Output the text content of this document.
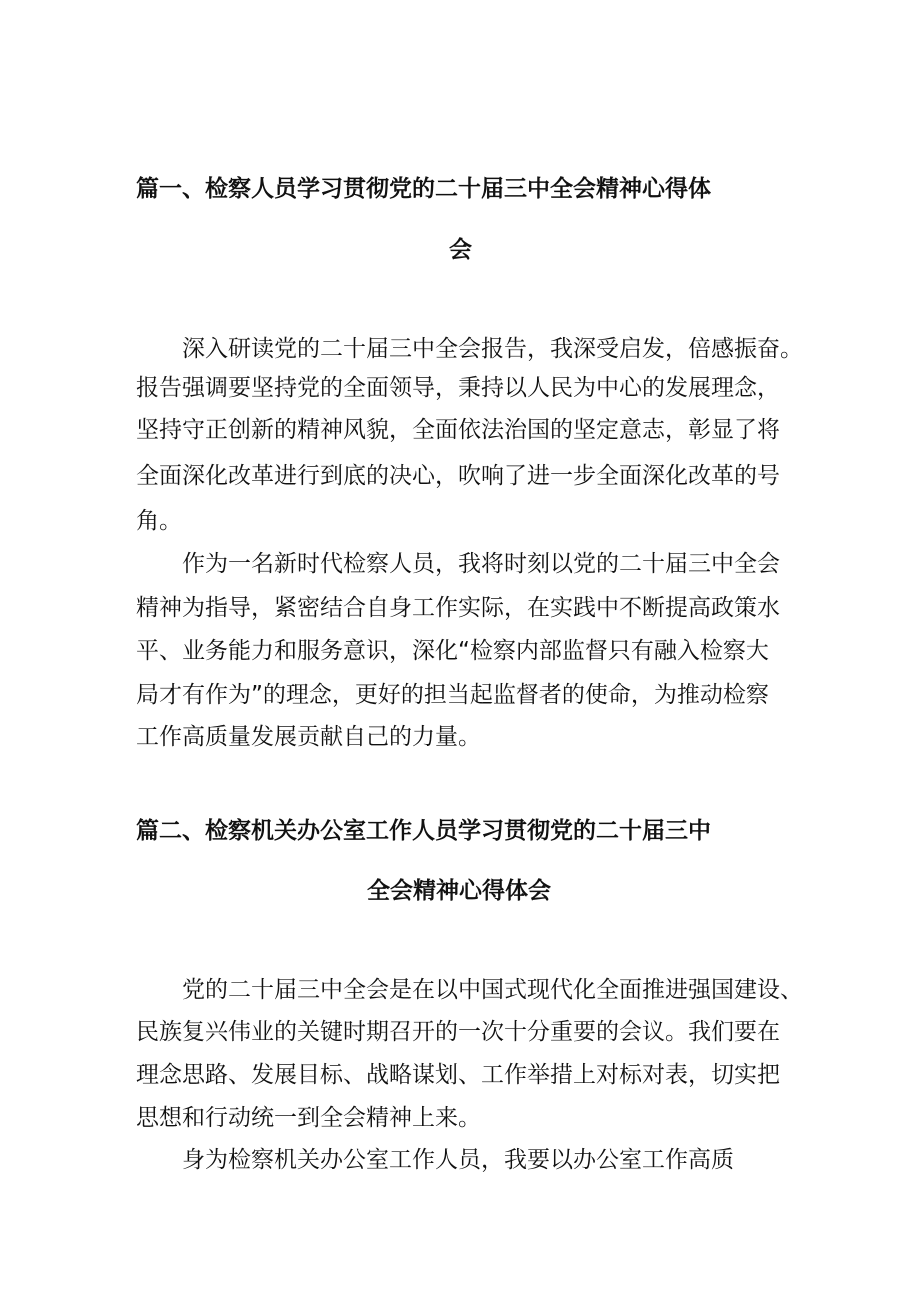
篇一、检察人员学习贯彻党的二十届三中全会精神心得体
会
深入研读党的二十届三中全会报告，我深受启发，倍感振奋。
报告强调要坚持党的全面领导，秉持以人民为中心的发展理念，
坚持守正创新的精神风貌，全面依法治国的坚定意志，彰显了将
全面深化改革进行到底的决心，吹响了进一步全面深化改革的号
角。
作为一名新时代检察人员，我将时刻以党的二十届三中全会
精神为指导，紧密结合自身工作实际，在实践中不断提高政策水
平、业务能力和服务意识，深化“检察内部监督只有融入检察大
局才有作为”的理念，更好的担当起监督者的使命，为推动检察
工作高质量发展贡献自己的力量。
篇二、检察机关办公室工作人员学习贯彻党的二十届三中
全会精神心得体会
党的二十届三中全会是在以中国式现代化全面推进强国建设、
民族复兴伟业的关键时期召开的一次十分重要的会议。我们要在
理念思路、发展目标、战略谋划、工作举措上对标对表，切实把
思想和行动统一到全会精神上来。
身为检察机关办公室工作人员，我要以办公室工作高质
